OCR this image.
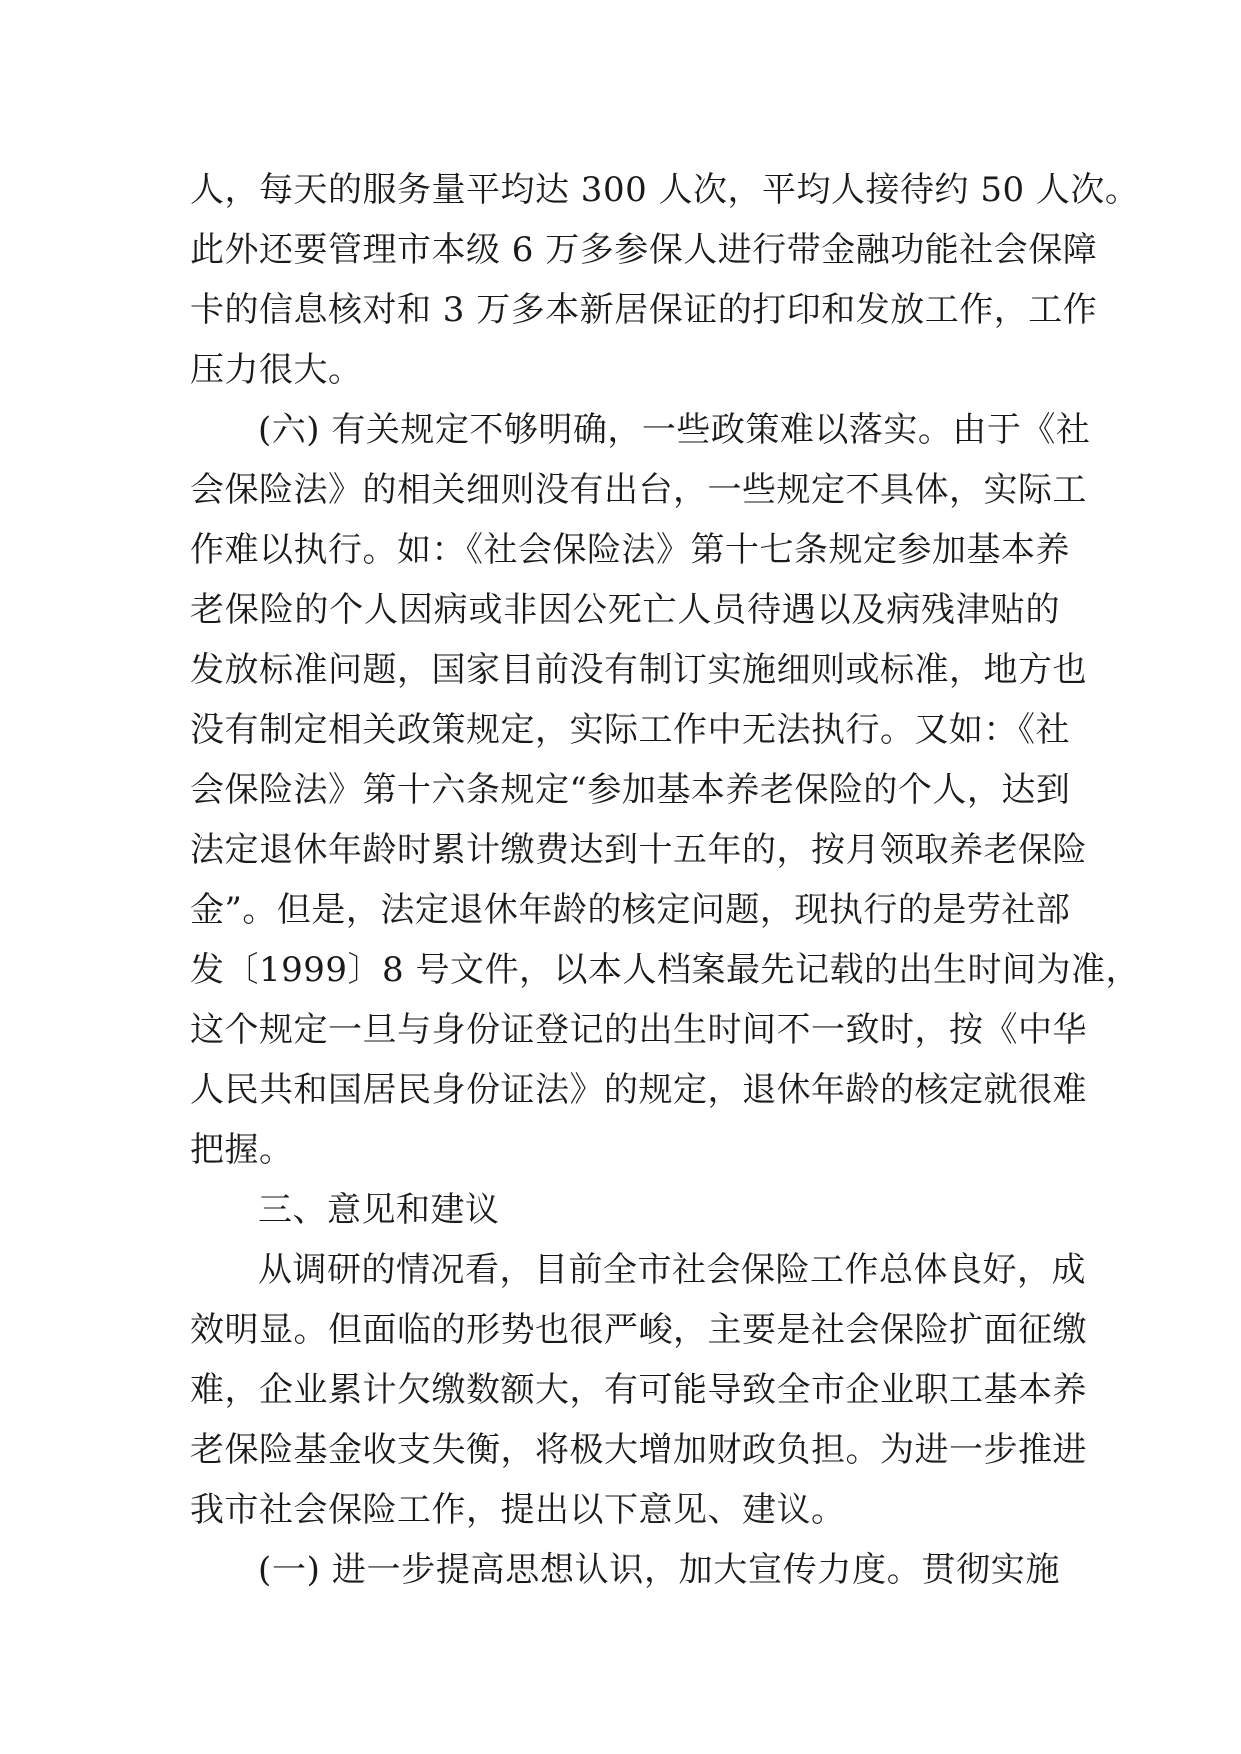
人，每天的服务量平均达 300 人次，平均人接待约 50 人次。
此外还要管理市本级 6 万多参保人进行带金融功能社会保障
卡的信息核对和 3 万多本新居保证的打印和发放工作，工作
压力很大。
(六) 有关规定不够明确，一些政策难以落实。由于《社
会保险法》的相关细则没有出台，一些规定不具体，实际工
作难以执行。如：《社会保险法》第十七条规定参加基本养
老保险的个人因病或非因公死亡人员待遇以及病残津贴的
发放标准问题，国家目前没有制订实施细则或标准，地方也
没有制定相关政策规定，实际工作中无法执行。又如：《社
会保险法》第十六条规定“参加基本养老保险的个人，达到
法定退休年龄时累计缴费达到十五年的，按月领取养老保险
金”。但是，法定退休年龄的核定问题，现执行的是劳社部
发〔1999〕8 号文件，以本人档案最先记载的出生时间为准，
这个规定一旦与身份证登记的出生时间不一致时，按《中华
人民共和国居民身份证法》的规定，退休年龄的核定就很难
把握。
三、意见和建议
从调研的情况看，目前全市社会保险工作总体良好，成
效明显。但面临的形势也很严峻，主要是社会保险扩面征缴
难，企业累计欠缴数额大，有可能导致全市企业职工基本养
老保险基金收支失衡，将极大增加财政负担。为进一步推进
我市社会保险工作，提出以下意见、建议。
(一) 进一步提高思想认识，加大宣传力度。贯彻实施
